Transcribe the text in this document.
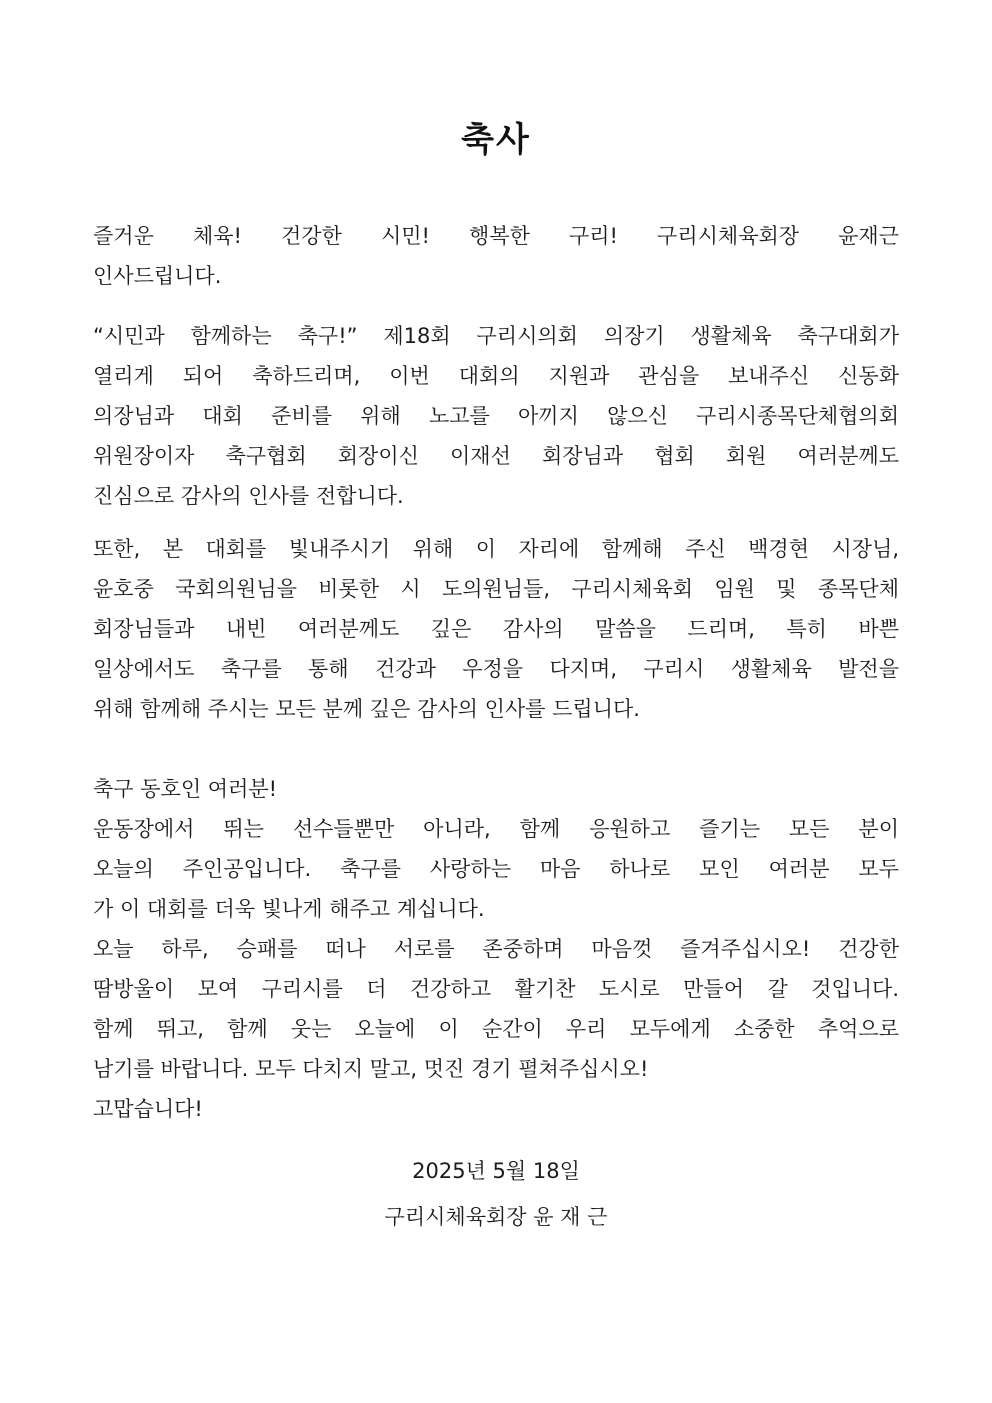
축사
즐거운 체육! 건강한 시민! 행복한 구리! 구리시체육회장 윤재근
인사드립니다.
“시민과 함께하는 축구!” 제18회 구리시의회 의장기 생활체육 축구대회가
열리게 되어 축하드리며, 이번 대회의 지원과 관심을 보내주신 신동화
의장님과 대회 준비를 위해 노고를 아끼지 않으신 구리시종목단체협의회
위원장이자 축구협회 회장이신 이재선 회장님과 협회 회원 여러분께도
진심으로 감사의 인사를 전합니다.
또한, 본 대회를 빛내주시기 위해 이 자리에 함께해 주신 백경현 시장님,
윤호중 국회의원님을 비롯한 시 도의원님들, 구리시체육회 임원 및 종목단체
회장님들과 내빈 여러분께도 깊은 감사의 말씀을 드리며, 특히 바쁜
일상에서도 축구를 통해 건강과 우정을 다지며, 구리시 생활체육 발전을
위해 함께해 주시는 모든 분께 깊은 감사의 인사를 드립니다.
축구 동호인 여러분!
운동장에서 뛰는 선수들뿐만 아니라, 함께 응원하고 즐기는 모든 분이
오늘의 주인공입니다. 축구를 사랑하는 마음 하나로 모인 여러분 모두
가 이 대회를 더욱 빛나게 해주고 계십니다.
오늘 하루, 승패를 떠나 서로를 존중하며 마음껏 즐겨주십시오! 건강한
땀방울이 모여 구리시를 더 건강하고 활기찬 도시로 만들어 갈 것입니다.
함께 뛰고, 함께 웃는 오늘에 이 순간이 우리 모두에게 소중한 추억으로
남기를 바랍니다. 모두 다치지 말고, 멋진 경기 펼쳐주십시오!
고맙습니다!
2025년 5월 18일
구리시체육회장 윤 재 근
